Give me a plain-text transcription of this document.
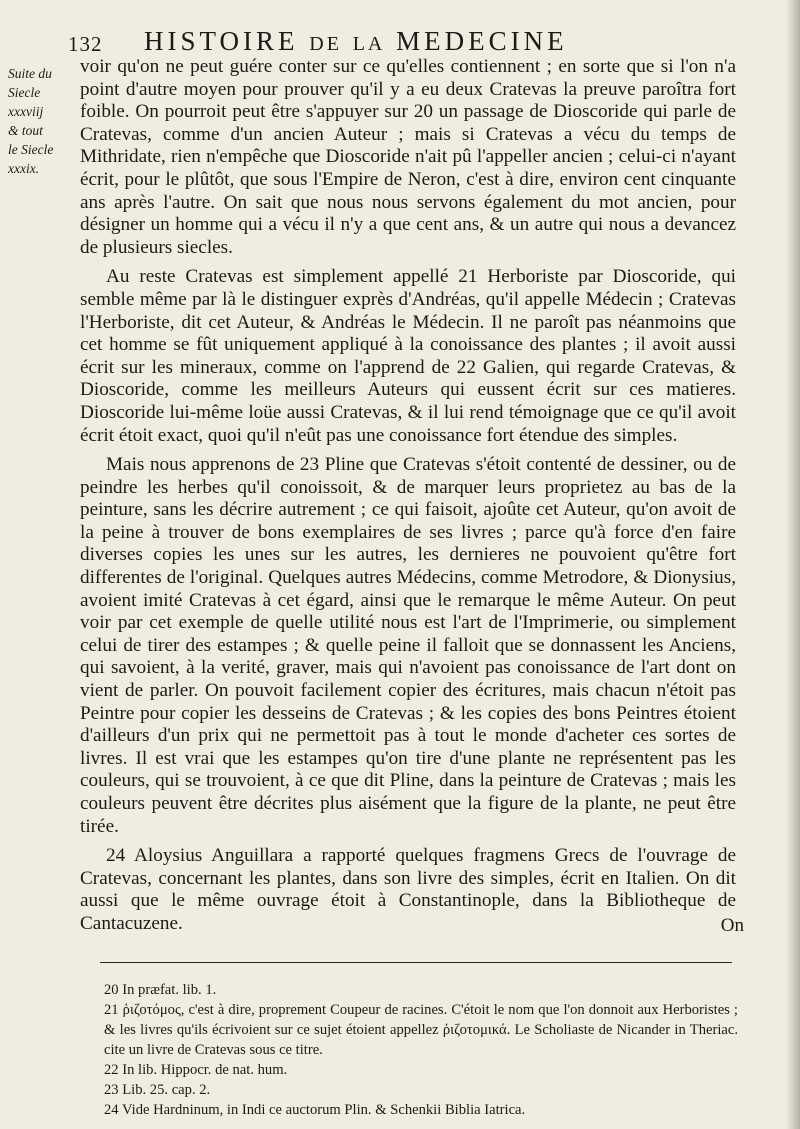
132 HISTOIRE DE LA MEDECINE
Suite du
Siecle
xxxviij
& tout
le Siecle
xxxix.

voir qu'on ne peut guére conter sur ce qu'elles contiennent ; en sorte que si l'on n'a point d'autre moyen pour prouver qu'il y a eu deux Cratevas la preuve paroîtra fort foible. On pourroit peut être s'appuyer sur 20 un passage de Dioscoride qui parle de Cratevas, comme d'un ancien Auteur ; mais si Cratevas a vécu du temps de Mithridate, rien n'empêche que Dioscoride n'ait pû l'appeller ancien ; celui-ci n'ayant écrit, pour le plûtôt, que sous l'Empire de Neron, c'est à dire, environ cent cinquante ans après l'autre. On sait que nous nous servons également du mot ancien, pour désigner un homme qui a vécu il n'y a que cent ans, & un autre qui nous a devancez de plusieurs siecles.

Au reste Cratevas est simplement appellé 21 Herboriste par Dioscoride, qui semble même par là le distinguer exprès d'Andréas, qu'il appelle Médecin ; Cratevas l'Herboriste, dit cet Auteur, & Andréas le Médecin. Il ne paroît pas néanmoins que cet homme se fût uniquement appliqué à la conoissance des plantes ; il avoit aussi écrit sur les mineraux, comme on l'apprend de 22 Galien, qui regarde Cratevas, & Dioscoride, comme les meilleurs Auteurs qui eussent écrit sur ces matieres. Dioscoride lui-même loüe aussi Cratevas, & il lui rend témoignage que ce qu'il avoit écrit étoit exact, quoi qu'il n'eût pas une conoissance fort étendue des simples.

Mais nous apprenons de 23 Pline que Cratevas s'étoit contenté de dessiner, ou de peindre les herbes qu'il conoissoit, & de marquer leurs proprietez au bas de la peinture, sans les décrire autrement ; ce qui faisoit, ajoûte cet Auteur, qu'on avoit de la peine à trouver de bons exemplaires de ses livres ; parce qu'à force d'en faire diverses copies les unes sur les autres, les dernieres ne pouvoient qu'être fort differentes de l'original. Quelques autres Médecins, comme Metrodore, & Dionysius, avoient imité Cratevas à cet égard, ainsi que le remarque le même Auteur. On peut voir par cet exemple de quelle utilité nous est l'art de l'Imprimerie, ou simplement celui de tirer des estampes ; & quelle peine il falloit que se donnassent les Anciens, qui savoient, à la verité, graver, mais qui n'avoient pas conoissance de l'art dont on vient de parler. On pouvoit facilement copier des écritures, mais chacun n'étoit pas Peintre pour copier les desseins de Cratevas ; & les copies des bons Peintres étoient d'ailleurs d'un prix qui ne permettoit pas à tout le monde d'acheter ces sortes de livres. Il est vrai que les estampes qu'on tire d'une plante ne représentent pas les couleurs, qui se trouvoient, à ce que dit Pline, dans la peinture de Cratevas ; mais les couleurs peuvent être décrites plus aisément que la figure de la plante, ne peut être tirée.

24 Aloysius Anguillara a rapporté quelques fragmens Grecs de l'ouvrage de Cratevas, concernant les plantes, dans son livre des simples, écrit en Italien. On dit aussi que le même ouvrage étoit à Constantinople, dans la Bibliotheque de Cantacuzene.	On
20 In præfat. lib. 1.
21 ῥιζοτόμος, c'est à dire, proprement Coupeur de racines. C'étoit le nom que l'on donnoit aux Herboristes ; & les livres qu'ils écrivoient sur ce sujet étoient appellez ῥιζοτομικά. Le Scholiaste de Nicander in Theriac. cite un livre de Cratevas sous ce titre.
22 In lib. Hippocr. de nat. hum.
23 Lib. 25. cap. 2.
24 Vide Hardninum, in Indi ce auctorum Plin. & Schenkii Biblia Iatrica.
